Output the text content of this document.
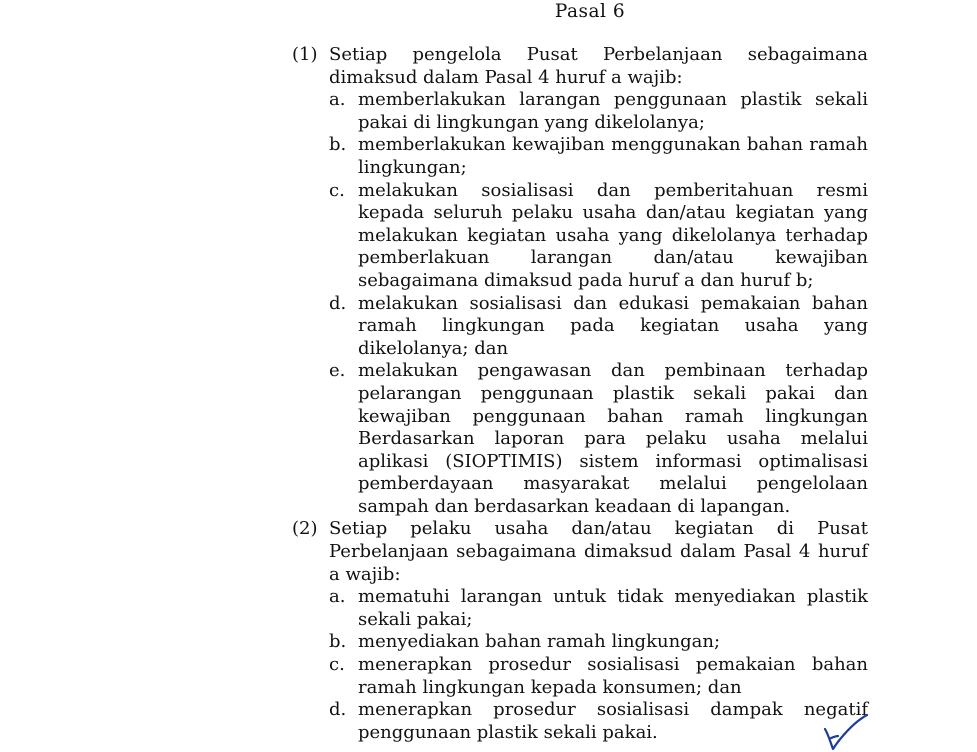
Pasal 6
(1) Setiap pengelola Pusat Perbelanjaan sebagaimana dimaksud dalam Pasal 4 huruf a wajib:
a. memberlakukan larangan penggunaan plastik sekali pakai di lingkungan yang dikelolanya;
b. memberlakukan kewajiban menggunakan bahan ramah lingkungan;
c. melakukan sosialisasi dan pemberitahuan resmi kepada seluruh pelaku usaha dan/atau kegiatan yang melakukan kegiatan usaha yang dikelolanya terhadap pemberlakuan larangan dan/atau kewajiban sebagaimana dimaksud pada huruf a dan huruf b;
d. melakukan sosialisasi dan edukasi pemakaian bahan ramah lingkungan pada kegiatan usaha yang dikelolanya; dan
e. melakukan pengawasan dan pembinaan terhadap pelarangan penggunaan plastik sekali pakai dan kewajiban penggunaan bahan ramah lingkungan Berdasarkan laporan para pelaku usaha melalui aplikasi (SIOPTIMIS) sistem informasi optimalisasi pemberdayaan masyarakat melalui pengelolaan sampah dan berdasarkan keadaan di lapangan.
(2) Setiap pelaku usaha dan/atau kegiatan di Pusat Perbelanjaan sebagaimana dimaksud dalam Pasal 4 huruf a wajib:
a. mematuhi larangan untuk tidak menyediakan plastik sekali pakai;
b. menyediakan bahan ramah lingkungan;
c. menerapkan prosedur sosialisasi pemakaian bahan ramah lingkungan kepada konsumen; dan
d. menerapkan prosedur sosialisasi dampak negatif penggunaan plastik sekali pakai.
